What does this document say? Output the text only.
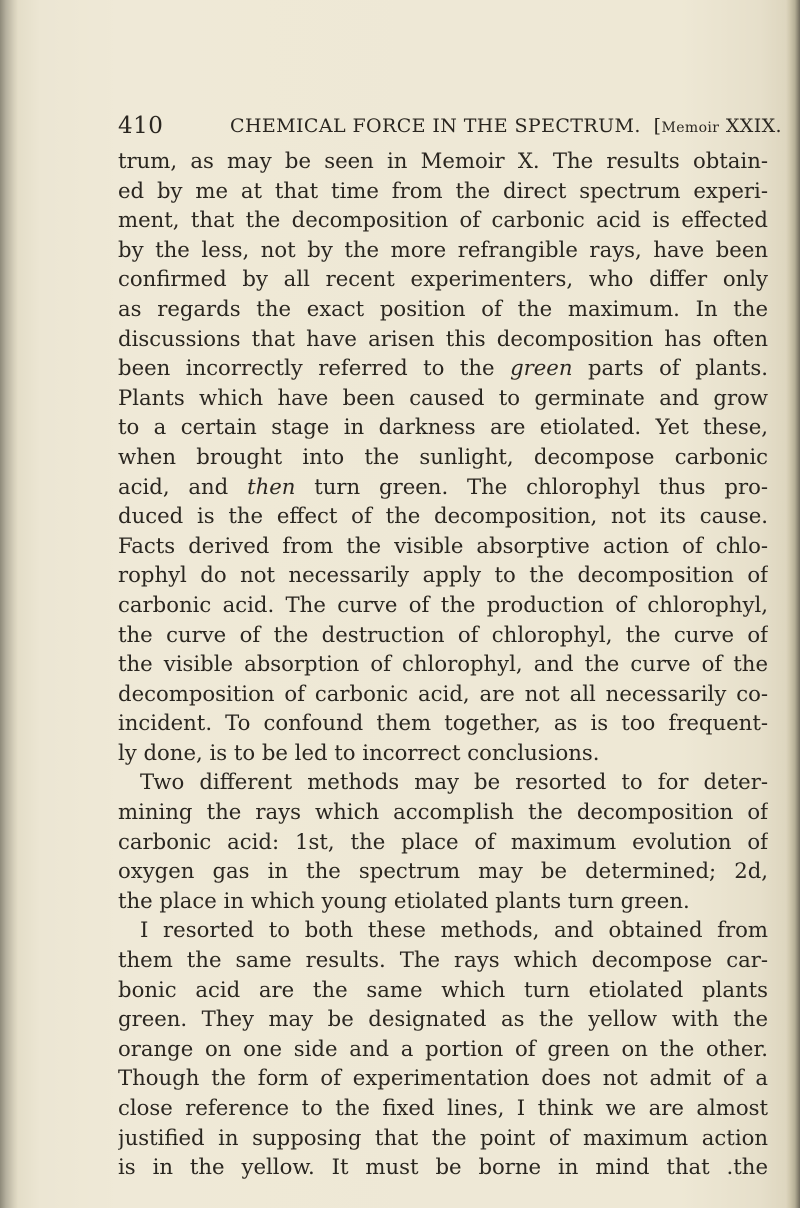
410	CHEMICAL FORCE IN THE SPECTRUM. [Memoir XXIX.
trum, as may be seen in Memoir X. The results obtain-
ed by me at that time from the direct spectrum experi-
ment, that the decomposition of carbonic acid is effected
by the less, not by the more refrangible rays, have been
confirmed by all recent experimenters, who differ only
as regards the exact position of the maximum. In the
discussions that have arisen this decomposition has often
been incorrectly referred to the green parts of plants.
Plants which have been caused to germinate and grow
to a certain stage in darkness are etiolated. Yet these,
when brought into the sunlight, decompose carbonic
acid, and then turn green. The chlorophyl thus pro-
duced is the effect of the decomposition, not its cause.
Facts derived from the visible absorptive action of chlo-
rophyl do not necessarily apply to the decomposition of
carbonic acid. The curve of the production of chlorophyl,
the curve of the destruction of chlorophyl, the curve of
the visible absorption of chlorophyl, and the curve of the
decomposition of carbonic acid, are not all necessarily co-
incident. To confound them together, as is too frequent-
ly done, is to be led to incorrect conclusions.
Two different methods may be resorted to for deter-
mining the rays which accomplish the decomposition of
carbonic acid: 1st, the place of maximum evolution of
oxygen gas in the spectrum may be determined; 2d,
the place in which young etiolated plants turn green.
I resorted to both these methods, and obtained from
them the same results. The rays which decompose car-
bonic acid are the same which turn etiolated plants
green. They may be designated as the yellow with the
orange on one side and a portion of green on the other.
Though the form of experimentation does not admit of a
close reference to the fixed lines, I think we are almost
justified in supposing that the point of maximum action
is in the yellow. It must be borne in mind that .the
